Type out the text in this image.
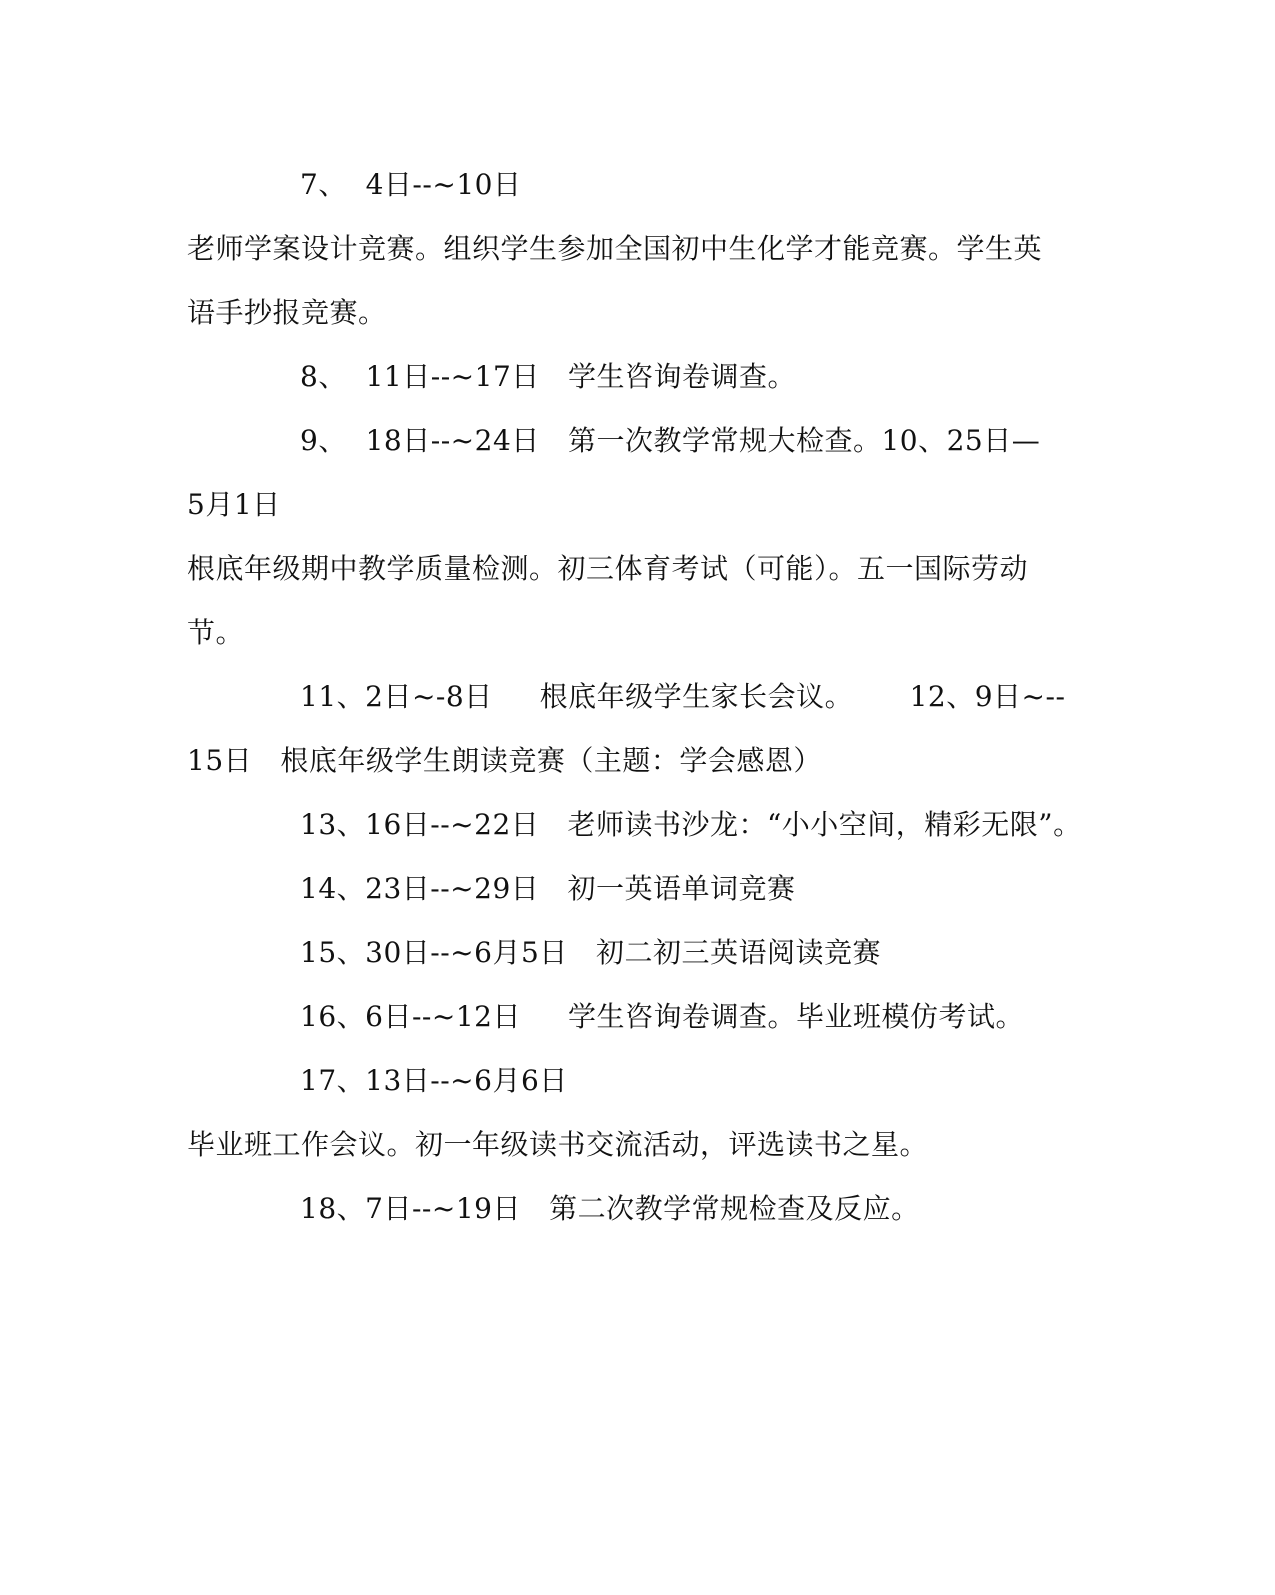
7、  4日--~10日
老师学案设计竞赛。组织学生参加全国初中生化学才能竞赛。学生英
语手抄报竞赛。
8、  11日--~17日   学生咨询卷调查。
9、  18日--~24日   第一次教学常规大检查。10、25日—
5月1日
根底年级期中教学质量检测。初三体育考试（可能）。五一国际劳动
节。
11、2日~-8日     根底年级学生家长会议。      12、9日~--
15日   根底年级学生朗读竞赛（主题：学会感恩）
13、16日--~22日   老师读书沙龙：“小小空间，精彩无限”。
14、23日--~29日   初一英语单词竞赛
15、30日--~6月5日   初二初三英语阅读竞赛
16、6日--~12日     学生咨询卷调查。毕业班模仿考试。
17、13日--~6月6日
毕业班工作会议。初一年级读书交流活动，评选读书之星。
18、7日--~19日   第二次教学常规检查及反应。
